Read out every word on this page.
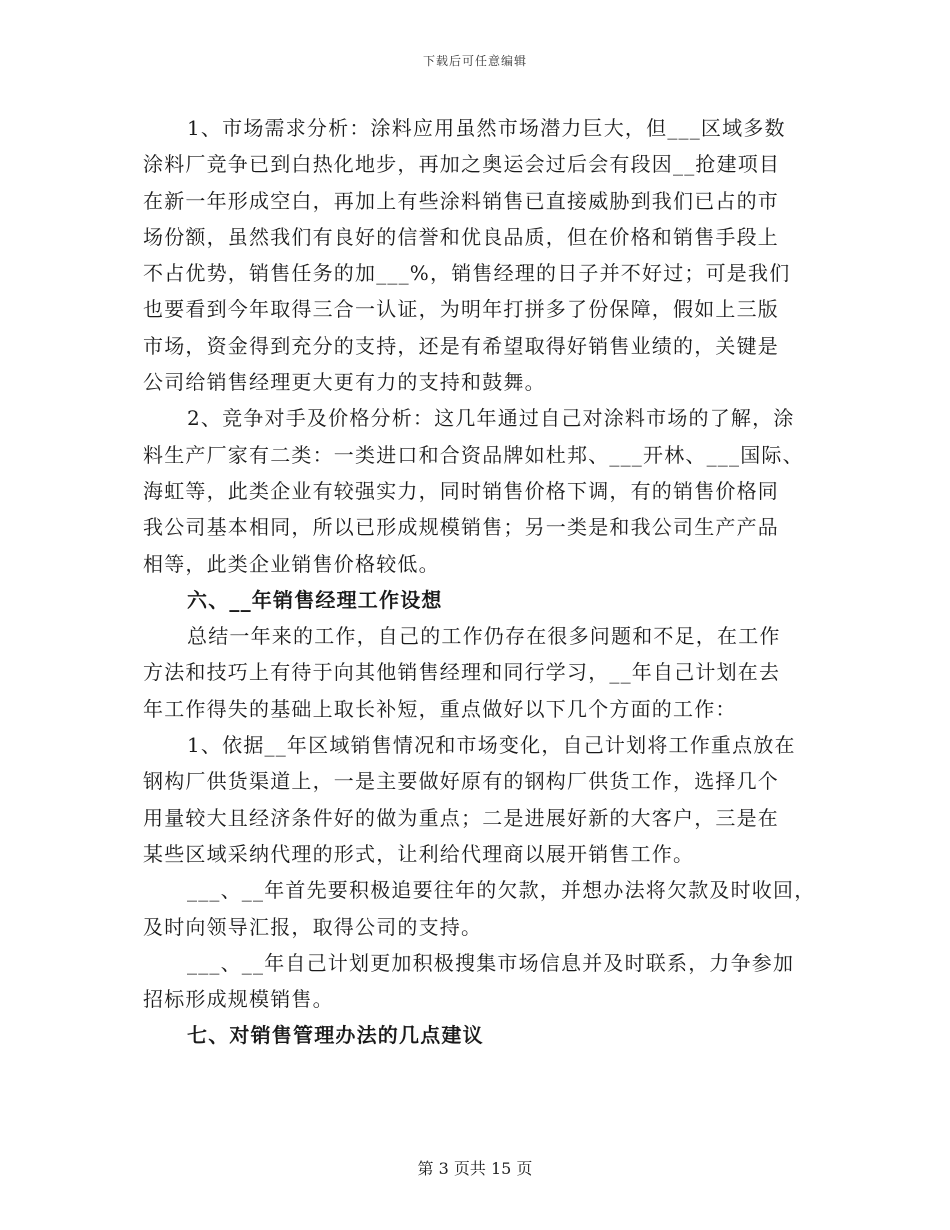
下载后可任意编辑
1、市场需求分析：涂料应用虽然市场潜力巨大，但___区域多数
涂料厂竞争已到白热化地步，再加之奥运会过后会有段因__抢建项目
在新一年形成空白，再加上有些涂料销售已直接威胁到我们已占的市
场份额，虽然我们有良好的信誉和优良品质，但在价格和销售手段上
不占优势，销售任务的加___%，销售经理的日子并不好过；可是我们
也要看到今年取得三合一认证，为明年打拼多了份保障，假如上三版
市场，资金得到充分的支持，还是有希望取得好销售业绩的，关键是
公司给销售经理更大更有力的支持和鼓舞。
2、竞争对手及价格分析：这几年通过自己对涂料市场的了解，涂
料生产厂家有二类：一类进口和合资品牌如杜邦、___开林、___国际、
海虹等，此类企业有较强实力，同时销售价格下调，有的销售价格同
我公司基本相同，所以已形成规模销售；另一类是和我公司生产产品
相等，此类企业销售价格较低。
六、__年销售经理工作设想
总结一年来的工作，自己的工作仍存在很多问题和不足，在工作
方法和技巧上有待于向其他销售经理和同行学习，__年自己计划在去
年工作得失的基础上取长补短，重点做好以下几个方面的工作：
1、依据__年区域销售情况和市场变化，自己计划将工作重点放在
钢构厂供货渠道上，一是主要做好原有的钢构厂供货工作，选择几个
用量较大且经济条件好的做为重点；二是进展好新的大客户，三是在
某些区域采纳代理的形式，让利给代理商以展开销售工作。
___、__年首先要积极追要往年的欠款，并想办法将欠款及时收回，
及时向领导汇报，取得公司的支持。
___、__年自己计划更加积极搜集市场信息并及时联系，力争参加
招标形成规模销售。
七、对销售管理办法的几点建议
第 3 页共 15 页
